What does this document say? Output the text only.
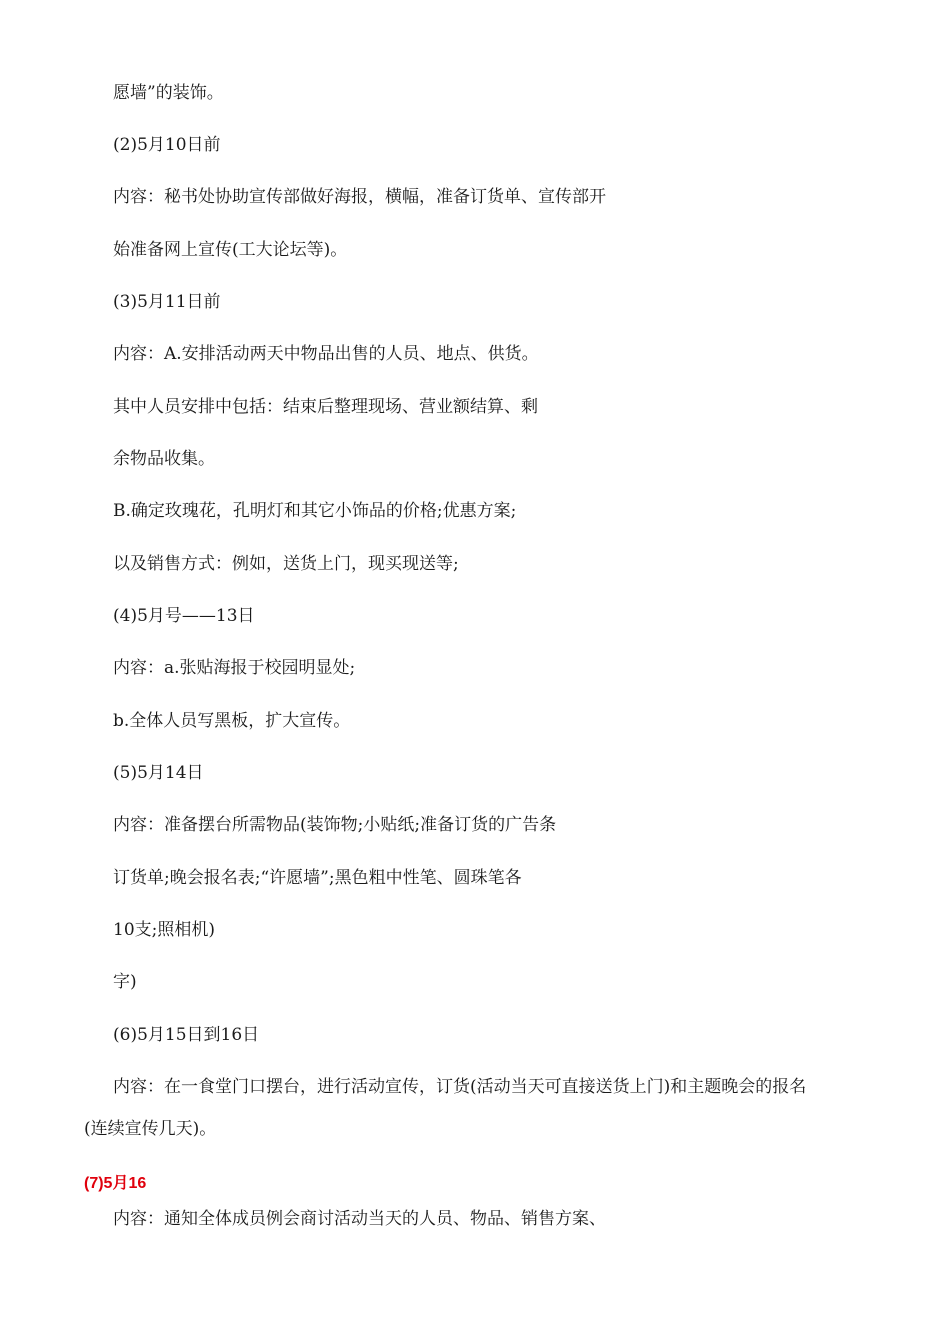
愿墙”的装饰。
(2)5月10日前
内容：秘书处协助宣传部做好海报，横幅，准备订货单、宣传部开
始准备网上宣传(工大论坛等)。
(3)5月11日前
内容：A.安排活动两天中物品出售的人员、地点、供货。
其中人员安排中包括：结束后整理现场、营业额结算、剩
余物品收集。
B.确定玫瑰花，孔明灯和其它小饰品的价格;优惠方案;
以及销售方式：例如，送货上门，现买现送等;
(4)5月号——13日
内容：a.张贴海报于校园明显处;
b.全体人员写黑板，扩大宣传。
(5)5月14日
内容：准备摆台所需物品(装饰物;小贴纸;准备订货的广告条
订货单;晚会报名表;“许愿墙”;黑色粗中性笔、圆珠笔各
10支;照相机)
字)
(6)5月15日到16日
内容：在一食堂门口摆台，进行活动宣传，订货(活动当天可直接送货上门)和主题晚会的报名
(连续宣传几天)。
(7)5月16
内容：通知全体成员例会商讨活动当天的人员、物品、销售方案、
